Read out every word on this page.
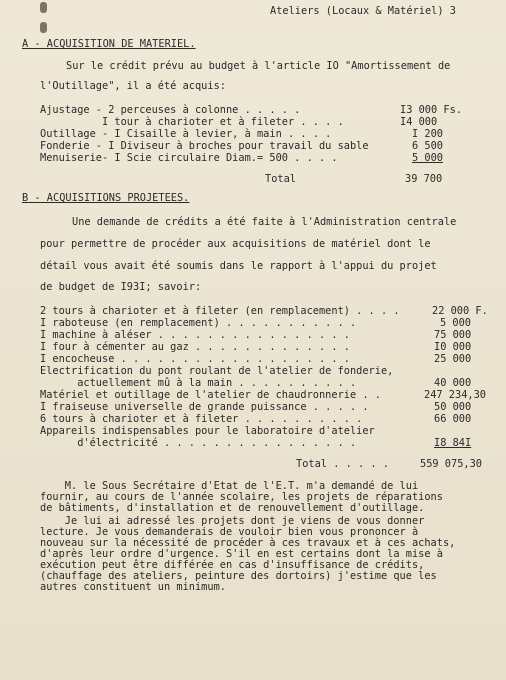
Ateliers (Locaux & Matériel) 3
A - ACQUISITION DE MATERIEL.
Sur le crédit prévu au budget à l'article IO "Amortissement de
l'Outillage", il a été acquis:
Ajustage - 2 perceuses à colonne . . . . .	I3 000 Fs.
I tour à charioter et à fileter . . . .	I4 000
Outillage - I Cisaille à levier, à main . . . .	I 200
Fonderie - I Diviseur à broches pour travail du sable	6 500
Menuiserie- I Scie circulaire Diam.= 500 . . . .	5 000
Total	39 700
B - ACQUISITIONS PROJETEES.
Une demande de crédits a été faite à l'Administration centrale
pour permettre de procéder aux acquisitions de matériel dont le
détail vous avait été soumis dans le rapport à l'appui du projet
de budget de I93I; savoir:
2 tours à charioter et à fileter (en remplacement) . . . .	22 000 F.
I raboteuse (en remplacement) . . . . . . . . . . .	5 000
I machine à aléser . . . . . . . . . . . . . . . .	75 000
I four à cémenter au gaz . . . . . . . . . . . . .	I0 000
I encocheuse . . . . . . . . . . . . . . . . . . .	25 000
Electrification du pont roulant de l'atelier de fonderie,
actuellement mû à la main . . . . . . . . . .	40 000
Matériel et outillage de l'atelier de chaudronnerie . .	247 234,30
I fraiseuse universelle de grande puissance . . . . .	50 000
6 tours à charioter et à fileter . . . . . . . . . .	66 000
Appareils indispensables pour le laboratoire d'atelier
d'électricité . . . . . . . . . . . . . . . .	I8 84I
Total . . . . .	559 075,30
M. le Sous Secrétaire d'Etat de l'E.T. m'a demandé de lui
fournir, au cours de l'année scolaire, les projets de réparations
de bâtiments, d'installation et de renouvellement d'outillage.
Je lui ai adressé les projets dont je viens de vous donner
lecture. Je vous demanderais de vouloir bien vous prononcer à
nouveau sur la nécessité de procéder à ces travaux et à ces achats,
d'après leur ordre d'urgence. S'il en est certains dont la mise à
exécution peut être différée en cas d'insuffisance de crédits,
(chauffage des ateliers, peinture des dortoirs) j'estime que les
autres constituent un minimum.
